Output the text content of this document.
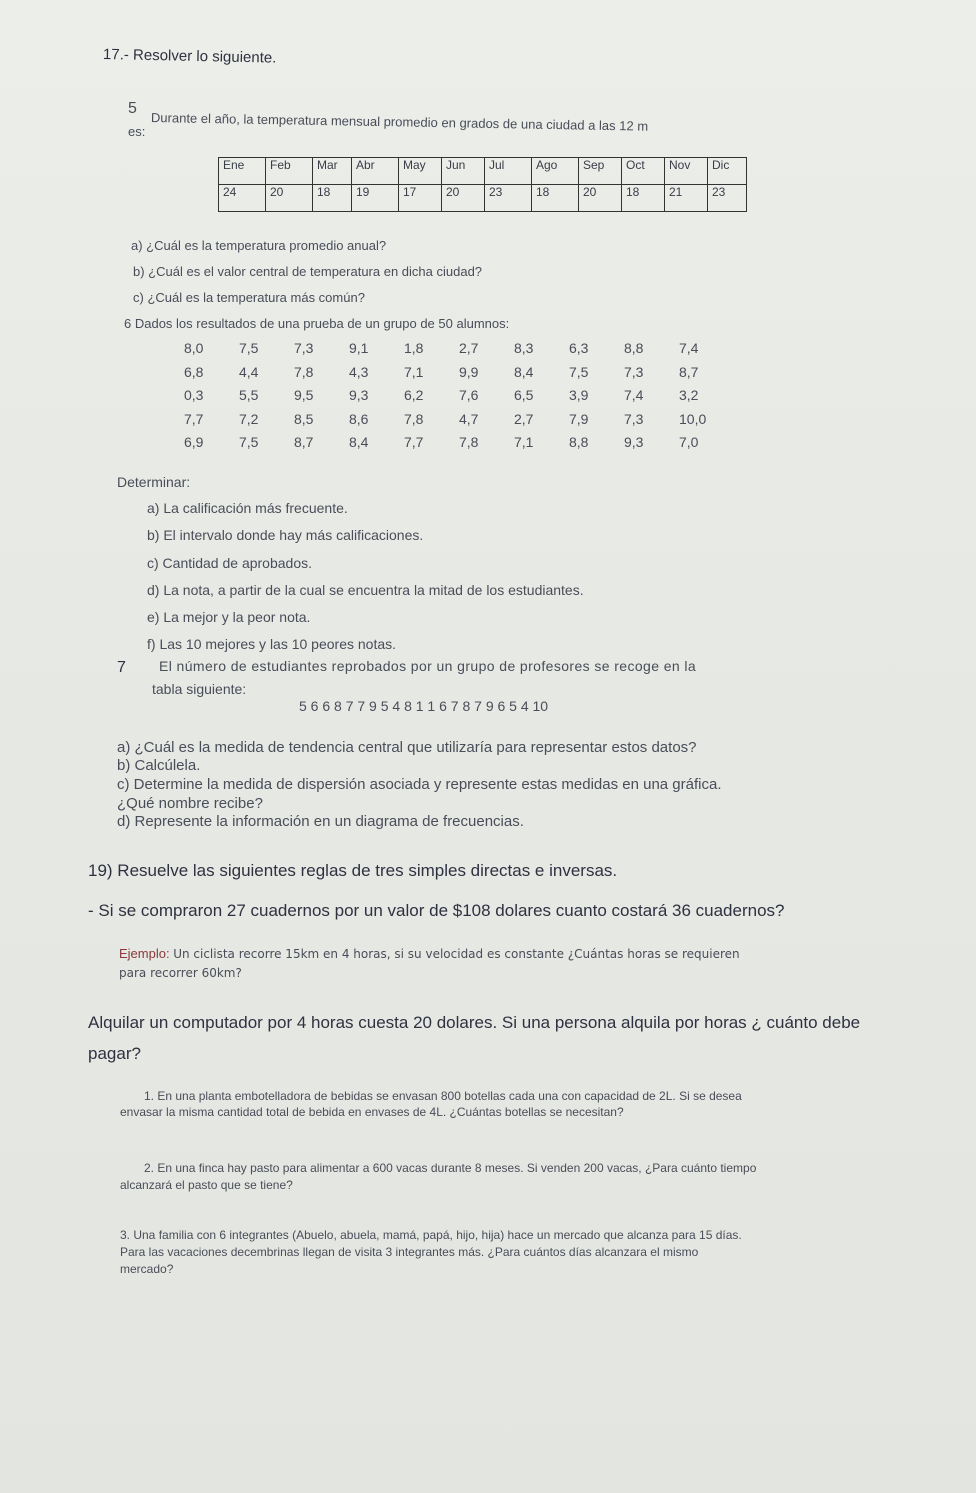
17.- Resolver lo siguiente.
5
Durante el año, la temperatura mensual promedio en grados de una ciudad a las 12 m
es:
Ene	Feb	Mar	Abr	May	Jun	Jul	Ago	Sep	Oct	Nov	Dic
24	20	18	19	17	20	23	18	20	18	21	23
a) ¿Cuál es la temperatura promedio anual?
b) ¿Cuál es el valor central de temperatura en dicha ciudad?
c) ¿Cuál es la temperatura más común?
6 Dados los resultados de una prueba de un grupo de 50 alumnos:
8,0	7,5	7,3	9,1	1,8	2,7	8,3	6,3	8,8	7,4
6,8	4,4	7,8	4,3	7,1	9,9	8,4	7,5	7,3	8,7
0,3	5,5	9,5	9,3	6,2	7,6	6,5	3,9	7,4	3,2
7,7	7,2	8,5	8,6	7,8	4,7	2,7	7,9	7,3	10,0
6,9	7,5	8,7	8,4	7,7	7,8	7,1	8,8	9,3	7,0
Determinar:
a) La calificación más frecuente.
b) El intervalo donde hay más calificaciones.
c) Cantidad de aprobados.
d) La nota, a partir de la cual se encuentra la mitad de los estudiantes.
e) La mejor y la peor nota.
f) Las 10 mejores y las 10 peores notas.
7 El número de estudiantes reprobados por un grupo de profesores se recoge en la
tabla siguiente:
5 6 6 8 7 7 9 5 4 8 1 1 6 7 8 7 9 6 5 4 10
a) ¿Cuál es la medida de tendencia central que utilizaría para representar estos datos?
b) Calcúlela.
c) Determine la medida de dispersión asociada y represente estas medidas en una gráfica.
¿Qué nombre recibe?
d) Represente la información en un diagrama de frecuencias.
19) Resuelve las siguientes reglas de tres simples directas e inversas.
- Si se compraron 27 cuadernos por un valor de $108 dolares cuanto costará 36 cuadernos?
Ejemplo: Un ciclista recorre 15km en 4 horas, si su velocidad es constante ¿Cuántas horas se requieren
para recorrer 60km?
Alquilar un computador por 4 horas cuesta 20 dolares. Si una persona alquila por horas ¿ cuánto debe
pagar?
1. En una planta embotelladora de bebidas se envasan 800 botellas cada una con capacidad de 2L. Si se desea
envasar la misma cantidad total de bebida en envases de 4L. ¿Cuántas botellas se necesitan?
2. En una finca hay pasto para alimentar a 600 vacas durante 8 meses. Si venden 200 vacas, ¿Para cuánto tiempo
alcanzará el pasto que se tiene?
3. Una familia con 6 integrantes (Abuelo, abuela, mamá, papá, hijo, hija) hace un mercado que alcanza para 15 días.
Para las vacaciones decembrinas llegan de visita 3 integrantes más. ¿Para cuántos días alcanzara el mismo
mercado?
